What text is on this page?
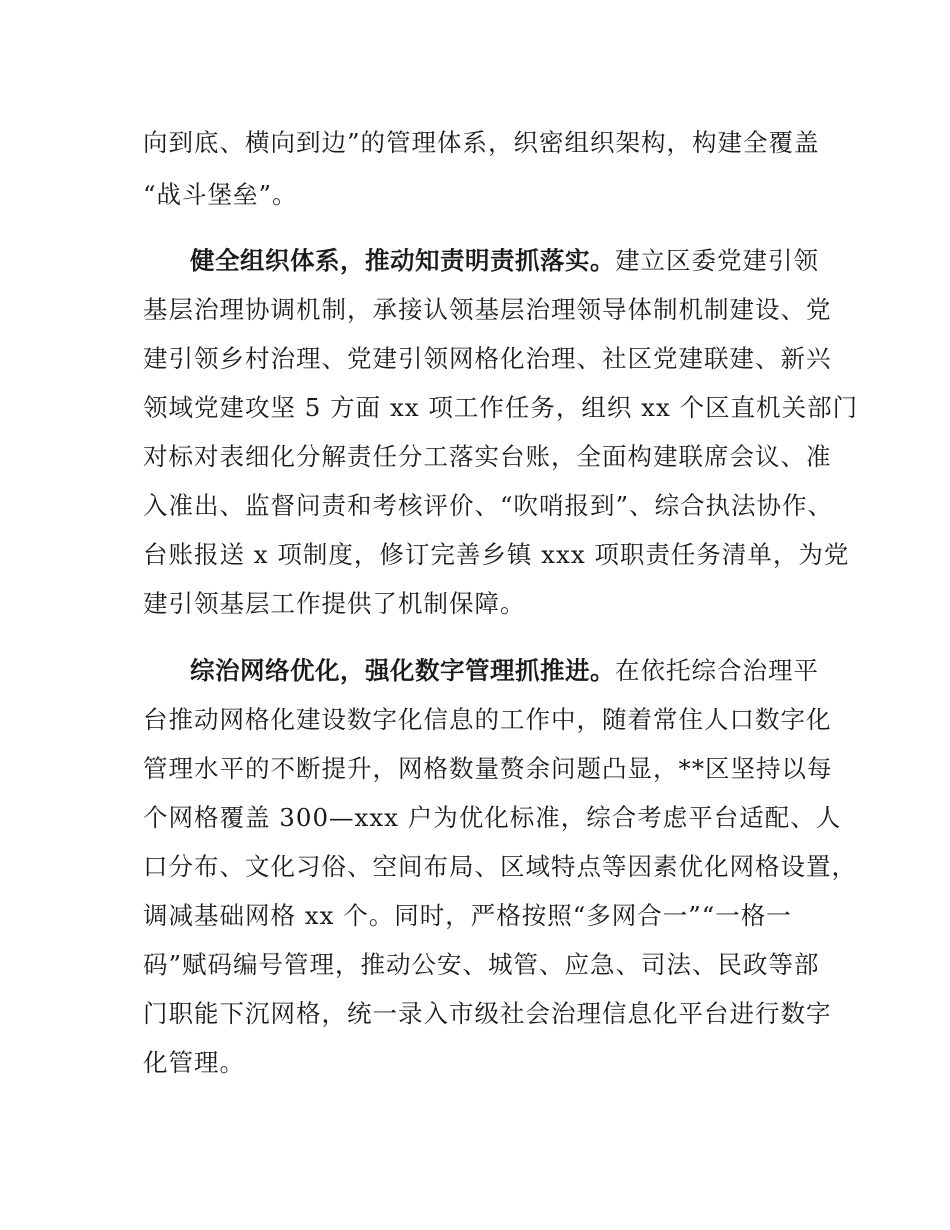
向到底、横向到边”的管理体系，织密组织架构，构建全覆盖
“战斗堡垒”。
健全组织体系，推动知责明责抓落实。建立区委党建引领
基层治理协调机制，承接认领基层治理领导体制机制建设、党
建引领乡村治理、党建引领网格化治理、社区党建联建、新兴
领域党建攻坚 5 方面 xx 项工作任务，组织 xx 个区直机关部门
对标对表细化分解责任分工落实台账，全面构建联席会议、准
入准出、监督问责和考核评价、“吹哨报到”、综合执法协作、
台账报送 x 项制度，修订完善乡镇 xxx 项职责任务清单，为党
建引领基层工作提供了机制保障。
综治网络优化，强化数字管理抓推进。在依托综合治理平
台推动网格化建设数字化信息的工作中，随着常住人口数字化
管理水平的不断提升，网格数量赘余问题凸显，**区坚持以每
个网格覆盖 300—xxx 户为优化标准，综合考虑平台适配、人
口分布、文化习俗、空间布局、区域特点等因素优化网格设置，
调减基础网格 xx 个。同时，严格按照“多网合一”“一格一
码”赋码编号管理，推动公安、城管、应急、司法、民政等部
门职能下沉网格，统一录入市级社会治理信息化平台进行数字
化管理。
